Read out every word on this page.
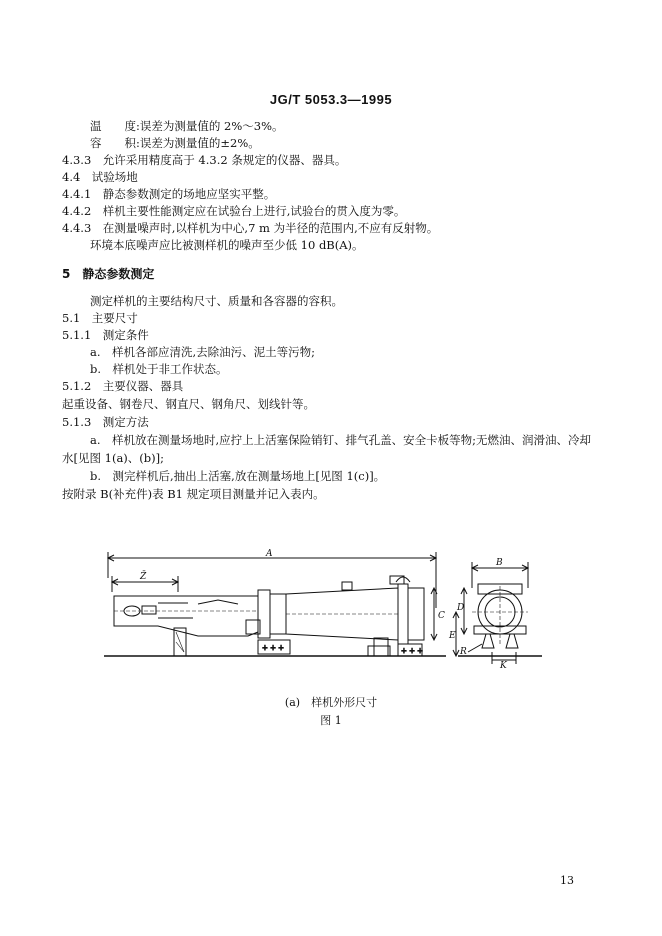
JG/T 5053.3—1995
温　　度:误差为测量值的 2%～3%。
容　　积:误差为测量值的±2%。
4.3.3　允许采用精度高于 4.3.2 条规定的仪器、器具。
4.4　试验场地
4.4.1　静态参数测定的场地应坚实平整。
4.4.2　样机主要性能测定应在试验台上进行,试验台的贯入度为零。
4.4.3　在测量噪声时,以样机为中心,7 m 为半径的范围内,不应有反射物。
环境本底噪声应比被测样机的噪声至少低 10 dB(A)。
5　静态参数测定
测定样机的主要结构尺寸、质量和各容器的容积。
5.1　主要尺寸
5.1.1　测定条件
a.　样机各部应清洗,去除油污、泥土等污物;
b.　样机处于非工作状态。
5.1.2　主要仪器、器具
起重设备、钢卷尺、钢直尺、钢角尺、划线针等。
5.1.3　测定方法
a.　样机放在测量场地时,应拧上上活塞保险销钉、排气孔盖、安全卡板等物;无燃油、润滑油、冷却
水[见图 1(a)、(b)];
b.　测完样机后,抽出上活塞,放在测量场地上[见图 1(c)]。
按附录 B(补充件)表 B1 规定项目测量并记入表内。
+ + +	+ + +
A
Z̄
C
B
D
E
R
K
(a)　样机外形尺寸
图 1
13
